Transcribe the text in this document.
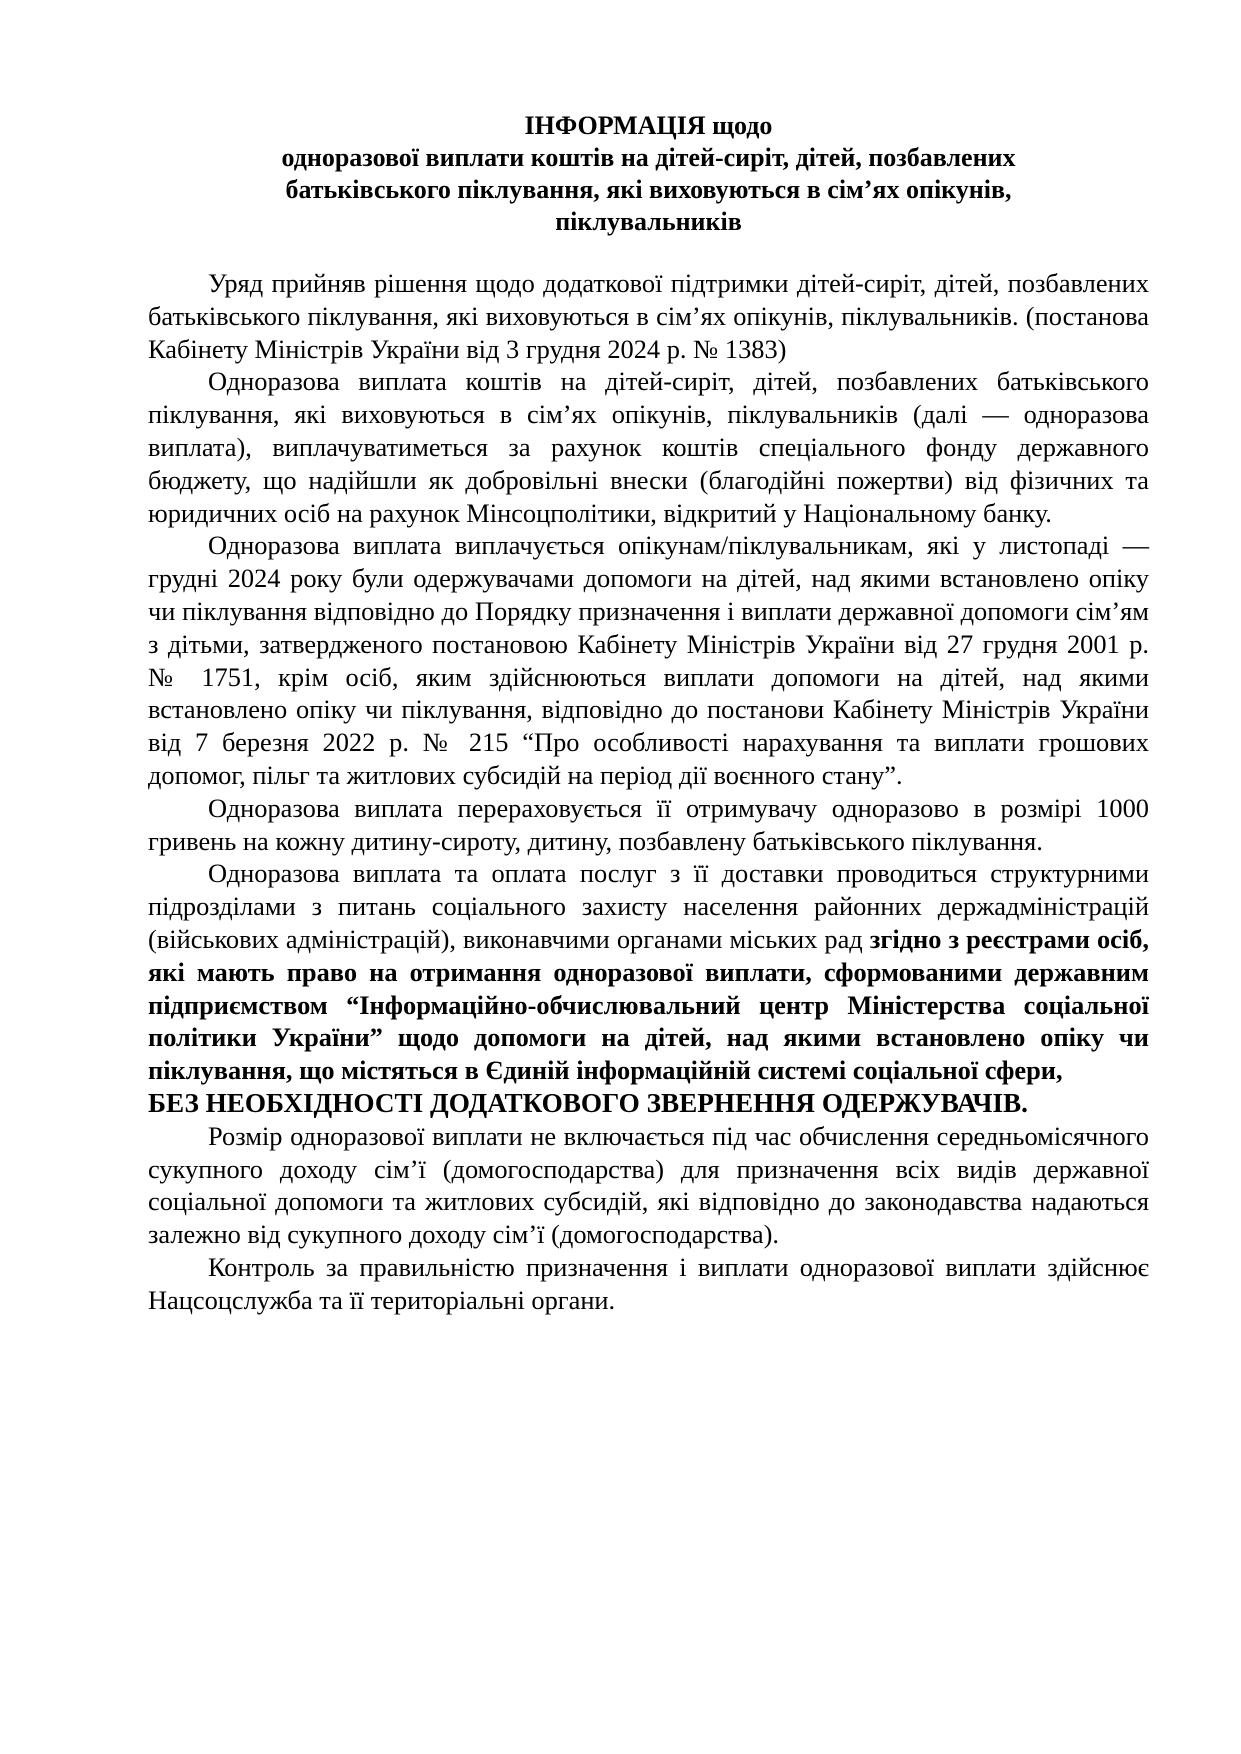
ІНФОРМАЦІЯ щодо
одноразової виплати коштів на дітей-сиріт, дітей, позбавлених
батьківського піклування, які виховуються в сім’ях опікунів,
піклувальників

Уряд прийняв рішення щодо додаткової підтримки дітей-сиріт, дітей, позбавлених батьківського піклування, які виховуються в сім’ях опікунів, піклувальників. (постанова Кабінету Міністрів України від 3 грудня 2024 р. № 1383)

Одноразова виплата коштів на дітей-сиріт, дітей, позбавлених батьківського піклування, які виховуються в сім’ях опікунів, піклувальників (далі — одноразова виплата), виплачуватиметься за рахунок коштів спеціального фонду державного бюджету, що надійшли як добровільні внески (благодійні пожертви) від фізичних та юридичних осіб на рахунок Мінсоцполітики, відкритий у Національному банку.

Одноразова виплата виплачується опікунам/піклувальникам, які у листопаді — грудні 2024 року були одержувачами допомоги на дітей, над якими встановлено опіку чи піклування відповідно до Порядку призначення і виплати державної допомоги сім’ям з дітьми, затвердженого постановою Кабінету Міністрів України від 27 грудня 2001 р. № 1751, крім осіб, яким здійснюються виплати допомоги на дітей, над якими встановлено опіку чи піклування, відповідно до постанови Кабінету Міністрів України від 7 березня 2022 р. № 215 “Про особливості нарахування та виплати грошових допомог, пільг та житлових субсидій на період дії воєнного стану”.

Одноразова виплата перераховується її отримувачу одноразово в розмірі 1000 гривень на кожну дитину-сироту, дитину, позбавлену батьківського піклування.

Одноразова виплата та оплата послуг з її доставки проводиться структурними підрозділами з питань соціального захисту населення районних держадміністрацій (військових адміністрацій), виконавчими органами міських рад згідно з реєстрами осіб, які мають право на отримання одноразової виплати, сформованими державним підприємством “Інформаційно-обчислювальний центр Міністерства соціальної політики України” щодо допомоги на дітей, над якими встановлено опіку чи піклування, що містяться в Єдиній інформаційній системі соціальної сфери,

БЕЗ НЕОБХІДНОСТІ ДОДАТКОВОГО ЗВЕРНЕННЯ ОДЕРЖУВАЧІВ.

Розмір одноразової виплати не включається під час обчислення середньомісячного сукупного доходу сім’ї (домогосподарства) для призначення всіх видів державної соціальної допомоги та житлових субсидій, які відповідно до законодавства надаються залежно від сукупного доходу сім’ї (домогосподарства).

Контроль за правильністю призначення і виплати одноразової виплати здійснює Нацсоцслужба та її територіальні органи.
